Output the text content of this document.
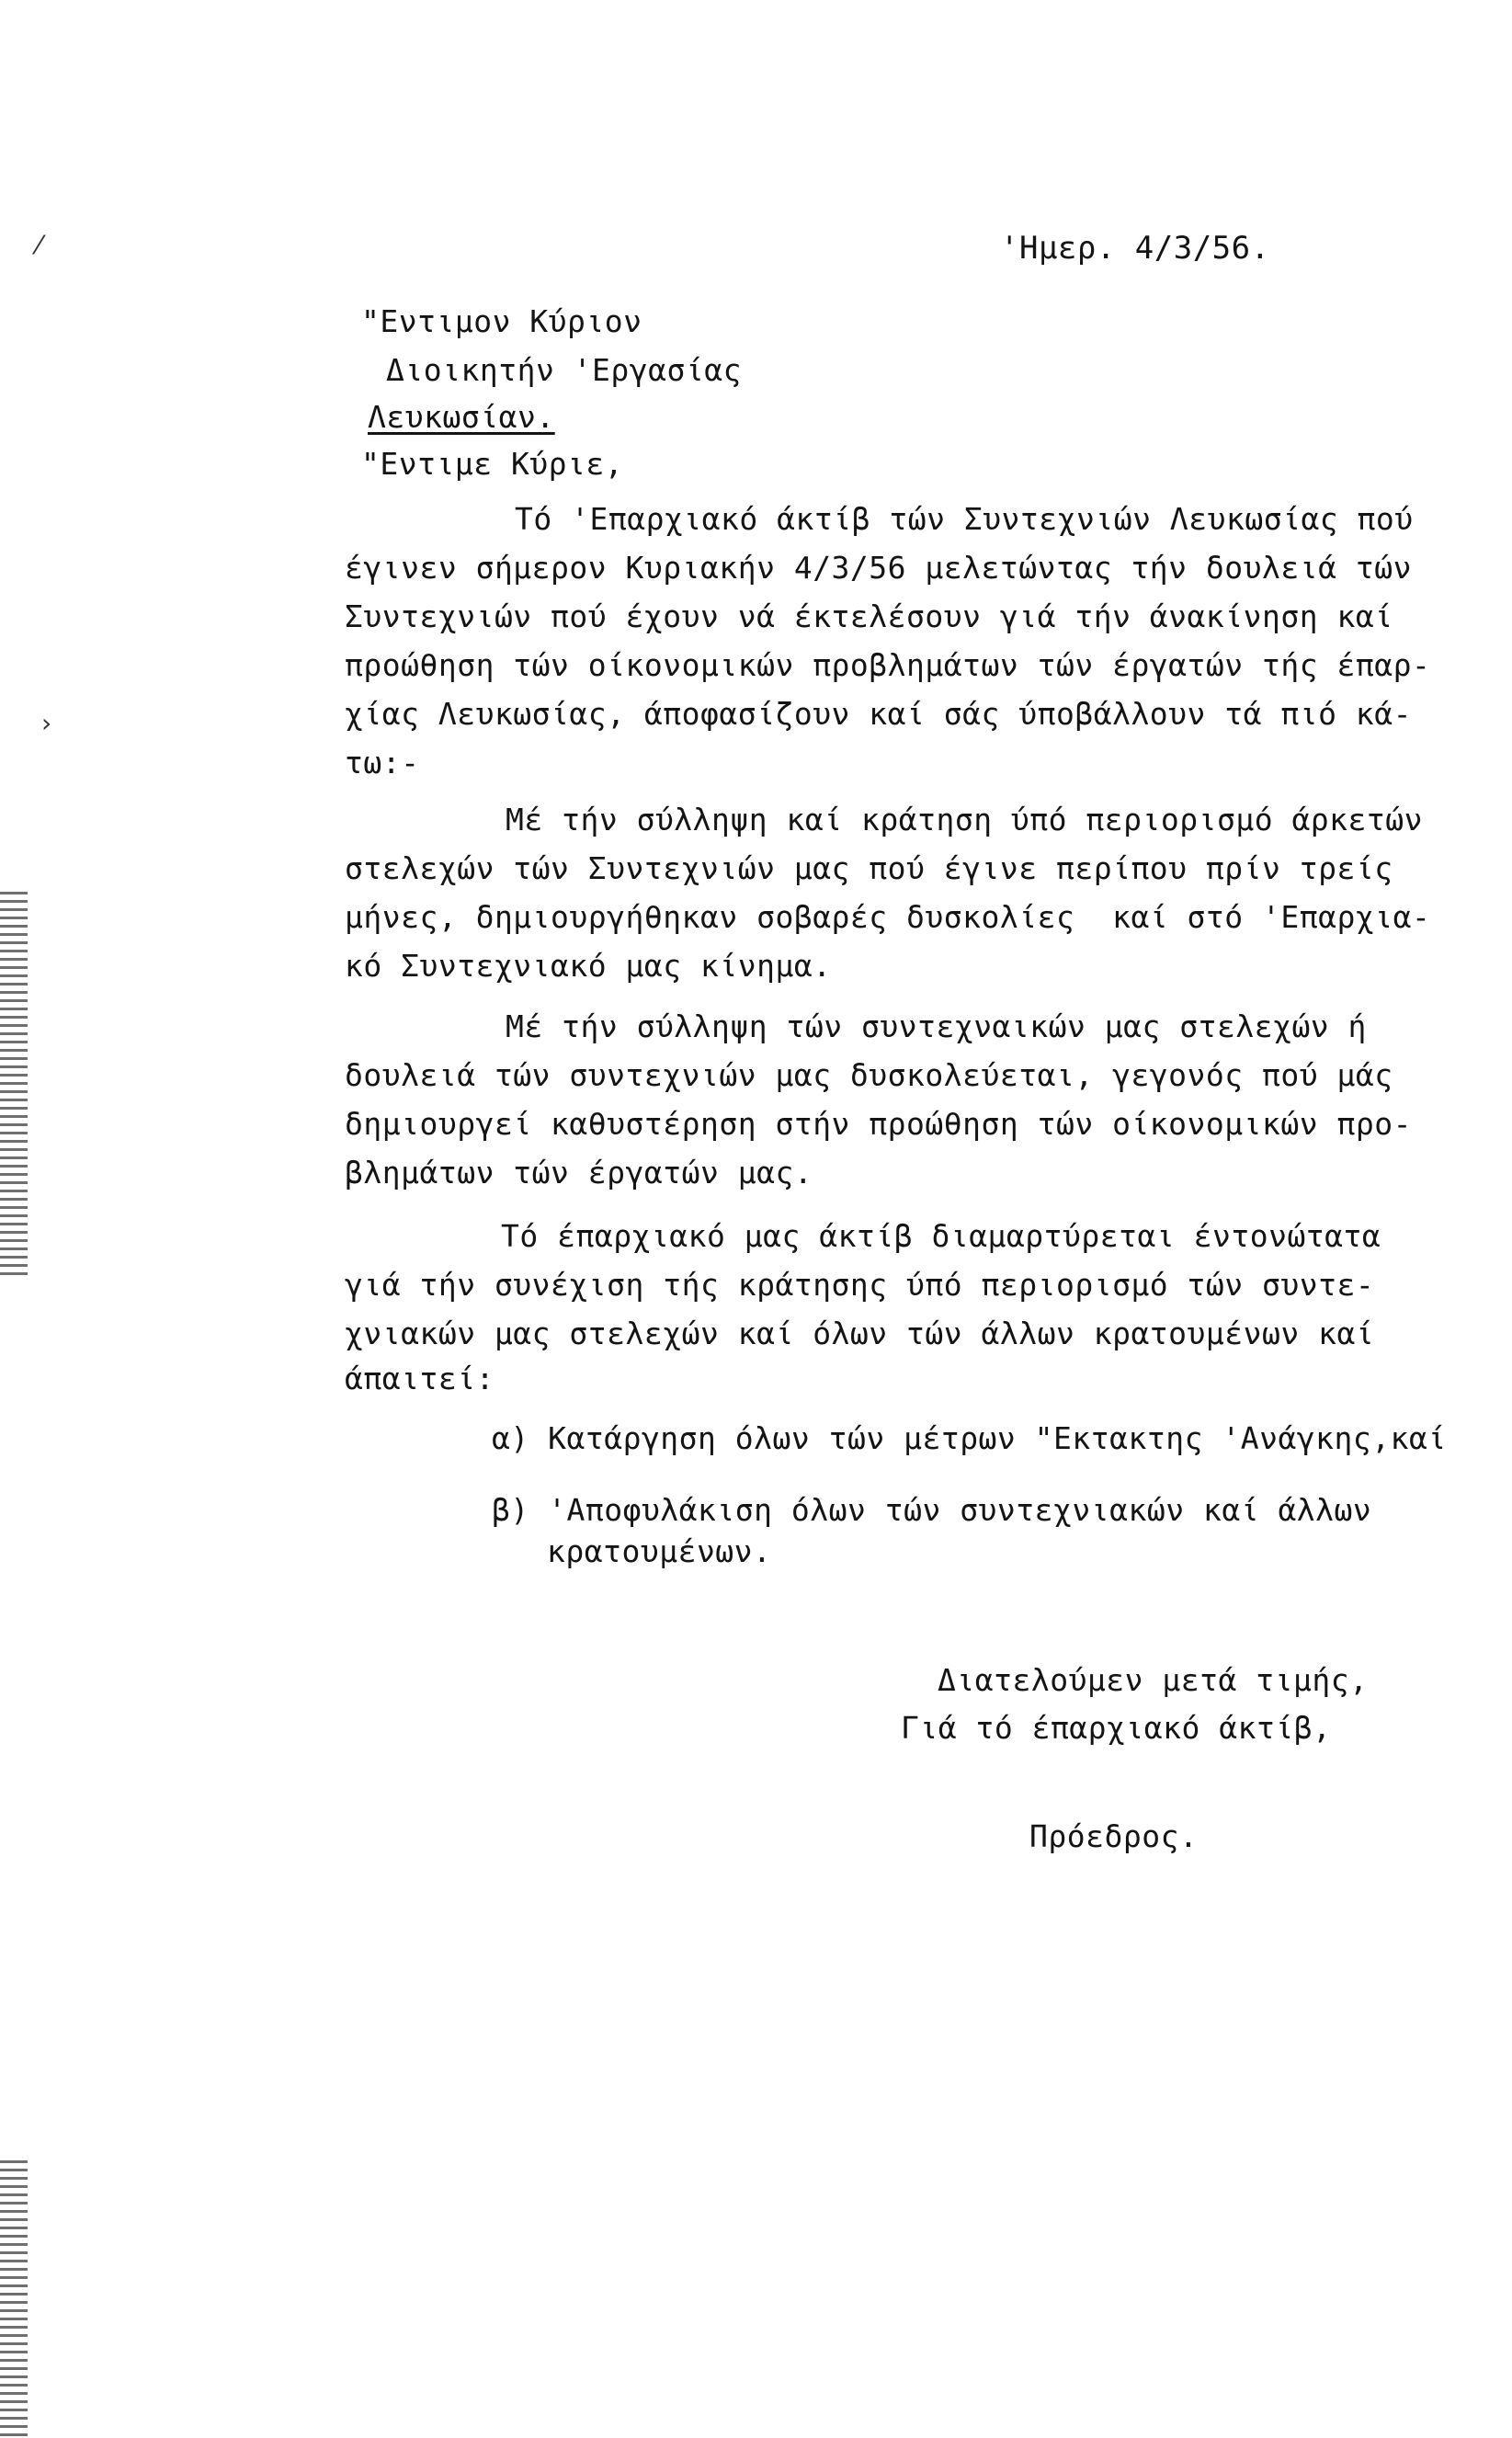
⁄
›
'Ημερ. 4/3/56.
"Εντιμον Κύριον
Διοικητήν 'Εργασίας
Λευκωσίαν.
"Εντιμε Κύριε,
Τό 'Επαρχιακό άκτίβ τών Συντεχνιών Λευκωσίας πού
έγινεν σήμερον Κυριακήν 4/3/56 μελετώντας τήν δουλειά τών
Συντεχνιών πού έχουν νά έκτελέσουν γιά τήν άνακίνηση καί
προώθηση τών οίκονομικών προβλημάτων τών έργατών τής έπαρ-
χίας Λευκωσίας, άποφασίζουν καί σάς ύποβάλλουν τά πιό κά-
τω:-
Μέ τήν σύλληψη καί κράτηση ύπό περιορισμό άρκετών
στελεχών τών Συντεχνιών μας πού έγινε περίπου πρίν τρείς
μήνες, δημιουργήθηκαν σοβαρές δυσκολίες  καί στό 'Επαρχια-
κό Συντεχνιακό μας κίνημα.
Μέ τήν σύλληψη τών συντεχναικών μας στελεχών ή
δουλειά τών συντεχνιών μας δυσκολεύεται, γεγονός πού μάς
δημιουργεί καθυστέρηση στήν προώθηση τών οίκονομικών προ-
βλημάτων τών έργατών μας.
Τό έπαρχιακό μας άκτίβ διαμαρτύρεται έντονώτατα
γιά τήν συνέχιση τής κράτησης ύπό περιορισμό τών συντε-
χνιακών μας στελεχών καί όλων τών άλλων κρατουμένων καί
άπαιτεί:
α) Κατάργηση όλων τών μέτρων "Εκτακτης 'Ανάγκης,καί
β) 'Αποφυλάκιση όλων τών συντεχνιακών καί άλλων
κρατουμένων.
Διατελούμεν μετά τιμής,
Γιά τό έπαρχιακό άκτίβ,
Πρόεδρος.
